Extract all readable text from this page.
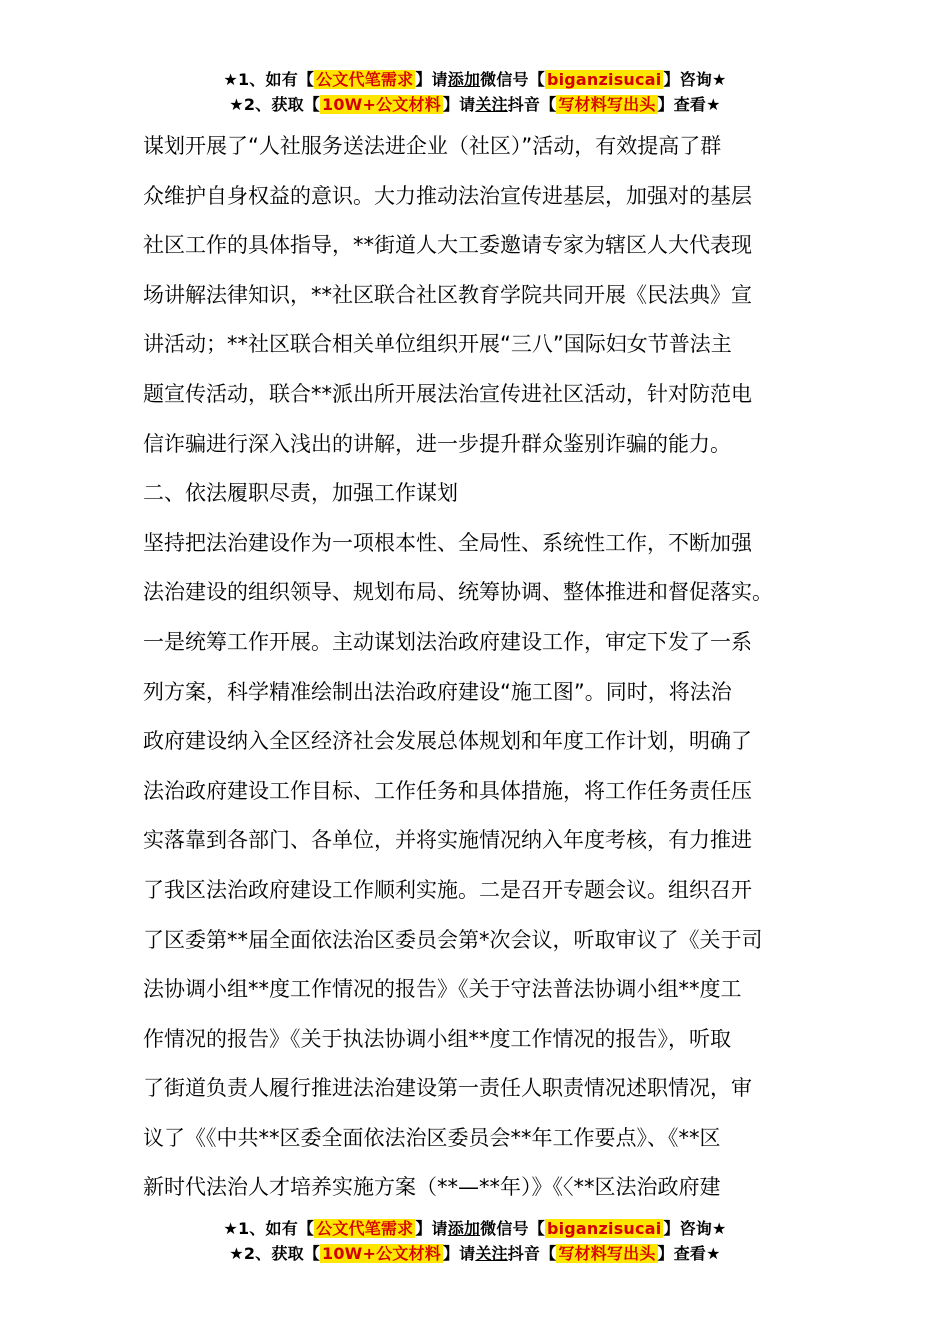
★1、如有【 公文代笔需求 】请添加微信号【 biganzisucai 】咨询★
★2、获取【 10W+公文材料 】请关注抖音【 写材料写出头 】查看★
谋划开展了“人社服务送法进企业（社区）”活动，有效提高了群
众维护自身权益的意识。大力推动法治宣传进基层，加强对的基层
社区工作的具体指导，**街道人大工委邀请专家为辖区人大代表现
场讲解法律知识，**社区联合社区教育学院共同开展《民法典》宣
讲活动；**社区联合相关单位组织开展“三八”国际妇女节普法主
题宣传活动，联合**派出所开展法治宣传进社区活动，针对防范电
信诈骗进行深入浅出的讲解，进一步提升群众鉴别诈骗的能力。
二、依法履职尽责，加强工作谋划
坚持把法治建设作为一项根本性、全局性、系统性工作，不断加强
法治建设的组织领导、规划布局、统筹协调、整体推进和督促落实。
一是统筹工作开展。主动谋划法治政府建设工作，审定下发了一系
列方案，科学精准绘制出法治政府建设“施工图”。同时，将法治
政府建设纳入全区经济社会发展总体规划和年度工作计划，明确了
法治政府建设工作目标、工作任务和具体措施，将工作任务责任压
实落靠到各部门、各单位，并将实施情况纳入年度考核，有力推进
了我区法治政府建设工作顺利实施。二是召开专题会议。组织召开
了区委第**届全面依法治区委员会第*次会议，听取审议了《关于司
法协调小组**度工作情况的报告》《关于守法普法协调小组**度工
作情况的报告》《关于执法协调小组**度工作情况的报告》，听取
了街道负责人履行推进法治建设第一责任人职责情况述职情况，审
议了《《中共**区委全面依法治区委员会**年工作要点》、《**区
新时代法治人才培养实施方案（**—**年）》《〈**区法治政府建
★1、如有【 公文代笔需求 】请添加微信号【 biganzisucai 】咨询★
★2、获取【 10W+公文材料 】请关注抖音【 写材料写出头 】查看★
